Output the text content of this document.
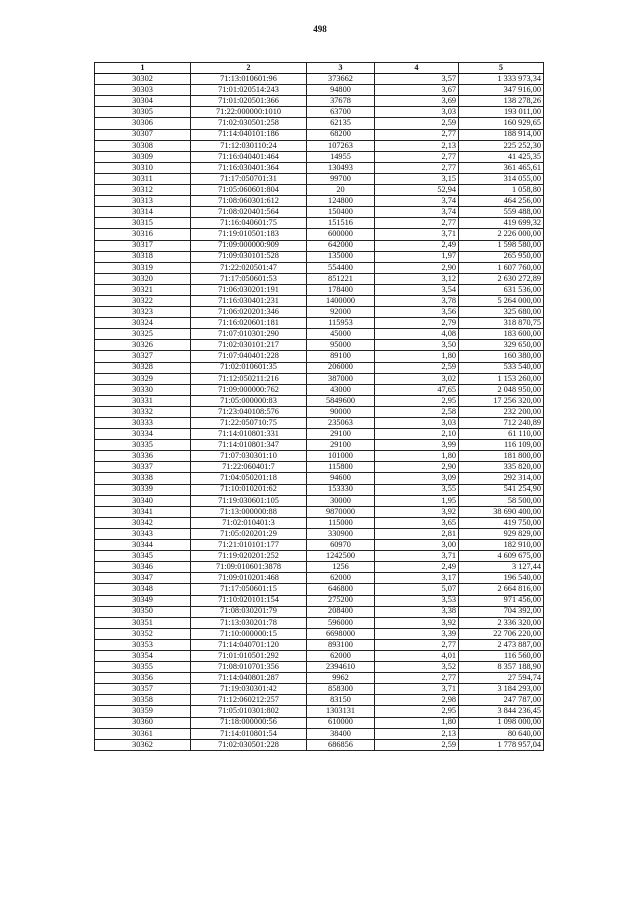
498
1	2	3	4	5
30302	71:13:010601:96	373662	3,57	1 333 973,34
30303	71:01:020514:243	94800	3,67	347 916,00
30304	71:01:020501:366	37678	3,69	138 278,26
30305	71:22:000000:1010	63700	3,03	193 011,00
30306	71:02:030501:258	62135	2,59	160 929,65
30307	71:14:040101:186	68200	2,77	188 914,00
30308	71:12:030110:24	107263	2,13	225 252,30
30309	71:16:040401:464	14955	2,77	41 425,35
30310	71:16:030401:364	130493	2,77	361 465,61
30311	71:17:050701:31	99700	3,15	314 055,00
30312	71:05:060601:804	20	52,94	1 058,80
30313	71:08:060301:612	124800	3,74	464 256,00
30314	71:08:020401:564	150400	3,74	559 488,00
30315	71:16:040601:75	151516	2,77	419 699,32
30316	71:19:010501:183	600000	3,71	2 226 000,00
30317	71:09:000000:909	642000	2,49	1 598 580,00
30318	71:09:030101:528	135000	1,97	265 950,00
30319	71:22:020501:47	554400	2,90	1 607 760,00
30320	71:17:050601:53	851221	3,12	2 630 272,89
30321	71:06:030201:191	178400	3,54	631 536,00
30322	71:16:030401:231	1400000	3,78	5 264 000,00
30323	71:06:020201:346	92000	3,56	325 680,00
30324	71:16:020601:181	115953	2,79	318 870,75
30325	71:07:010301:290	45000	4,08	183 600,00
30326	71:02:030101:217	95000	3,50	329 650,00
30327	71:07:040401:228	89100	1,80	160 380,00
30328	71:02:010601:35	206000	2,59	533 540,00
30329	71:12:050211:216	387000	3,02	1 153 260,00
30330	71:09:000000:762	43000	47,65	2 048 950,00
30331	71:05:000000:83	5849600	2,95	17 256 320,00
30332	71:23:040108:576	90000	2,58	232 200,00
30333	71:22:050710:75	235063	3,03	712 240,89
30334	71:14:010801:331	29100	2,10	61 110,00
30335	71:14:010801:347	29100	3,99	116 109,00
30336	71:07:030301:10	101000	1,80	181 800,00
30337	71:22:060401:7	115800	2,90	335 820,00
30338	71:04:050201:18	94600	3,09	292 314,00
30339	71:10:010201:62	153330	3,55	541 254,90
30340	71:19:030601:105	30000	1,95	58 500,00
30341	71:13:000000:88	9870000	3,92	38 690 400,00
30342	71:02:010401:3	115000	3,65	419 750,00
30343	71:05:020201:29	330900	2,81	929 829,00
30344	71:21:010101:177	60970	3,00	182 910,00
30345	71:19:020201:252	1242500	3,71	4 609 675,00
30346	71:09:010601:3878	1256	2,49	3 127,44
30347	71:09:010201:468	62000	3,17	196 540,00
30348	71:17:050601:15	646800	5,07	2 664 816,00
30349	71:10:020101:154	275200	3,53	971 456,00
30350	71:08:030201:79	208400	3,38	704 392,00
30351	71:13:030201:78	596000	3,92	2 336 320,00
30352	71:10:000000:15	6698000	3,39	22 706 220,00
30353	71:14:040701:120	893100	2,77	2 473 887,00
30354	71:01:010501:292	62000	4,01	116 560,00
30355	71:08:010701:356	2394610	3,52	8 357 188,90
30356	71:14:040801:287	9962	2,77	27 594,74
30357	71:19:030301:42	858300	3,71	3 184 293,00
30358	71:12:060212:257	83150	2,98	247 787,00
30359	71:05:010301:802	1303131	2,95	3 844 236,45
30360	71:18:000000:56	610000	1,80	1 098 000,00
30361	71:14:010801:54	38400	2,13	80 640,00
30362	71:02:030501:228	686856	2,59	1 778 957,04
